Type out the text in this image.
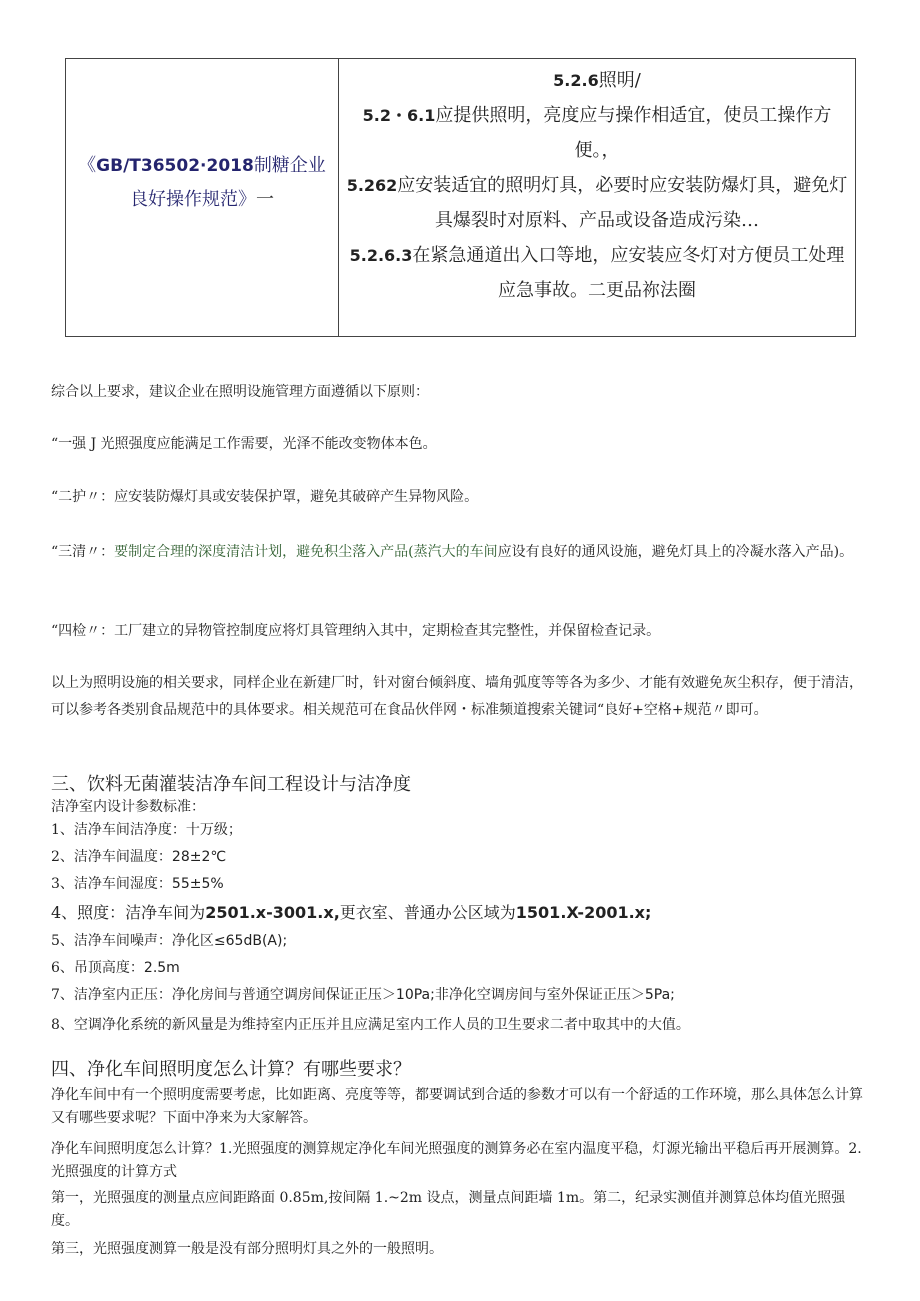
《GB/T36502·2018制糖企业良好操作规范》一

5.2.6照明/

5.2・6.1应提供照明，亮度应与操作相适宜，使员工操作方便。，

5.262应安装适宜的照明灯具，必要时应安装防爆灯具，避免灯具爆裂时对原料、产品或设备造成污染…

5.2.6.3在紧急通道出入口等地，应安装应冬灯对方便员工处理应急事故。二更品祢法圈

综合以上要求，建议企业在照明设施管理方面遵循以下原则：

“一强 J 光照强度应能满足工作需要，光泽不能改变物体本色。

“二护〃：应安装防爆灯具或安装保护罩，避免其破碎产生异物风险。

“三清〃：要制定合理的深度清洁计划，避免积尘落入产品(蒸汽大的车间应设有良好的通风设施，避免灯具上的冷凝水落入产品)。

“四检〃：工厂建立的异物管控制度应将灯具管理纳入其中，定期检查其完整性，并保留检查记录。

以上为照明设施的相关要求，同样企业在新建厂时，针对窗台倾斜度、墙角弧度等等各为多少、才能有效避免灰尘积存，便于清洁，可以参考各类别食品规范中的具体要求。相关规范可在食品伙伴网・标准频道搜索关键词“良好+空格+规范〃即可。

三、饮料无菌灌装洁净车间工程设计与洁净度

洁净室内设计参数标准：

1、洁净车间洁净度：十万级；
2、洁净车间温度：28±2℃
3、洁净车间湿度：55±5%
4、照度：洁净车间为2501.x-3001.x,更衣室、普通办公区域为1501.X-2001.x;
5、洁净车间噪声：净化区≤65dB(A);
6、吊顶高度：2.5m
7、洁净室内正压：净化房间与普通空调房间保证正压＞10Pa;非净化空调房间与室外保证正压＞5Pa;
8、空调净化系统的新风量是为维持室内正压并且应满足室内工作人员的卫生要求二者中取其中的大值。
四、净化车间照明度怎么计算？有哪些要求？

净化车间中有一个照明度需要考虑，比如距离、亮度等等，都要调试到合适的参数才可以有一个舒适的工作环境，那么具体怎么计算又有哪些要求呢？下面中净来为大家解答。

净化车间照明度怎么计算？1.光照强度的测算规定净化车间光照强度的测算务必在室内温度平稳，灯源光输出平稳后再开展测算。2.光照强度的计算方式

第一，光照强度的测量点应间距路面 0.85m,按间隔 1.~2m 设点，测量点间距墙 1m。第二，纪录实测值并测算总体均值光照强度。

第三，光照强度测算一般是没有部分照明灯具之外的一般照明。
